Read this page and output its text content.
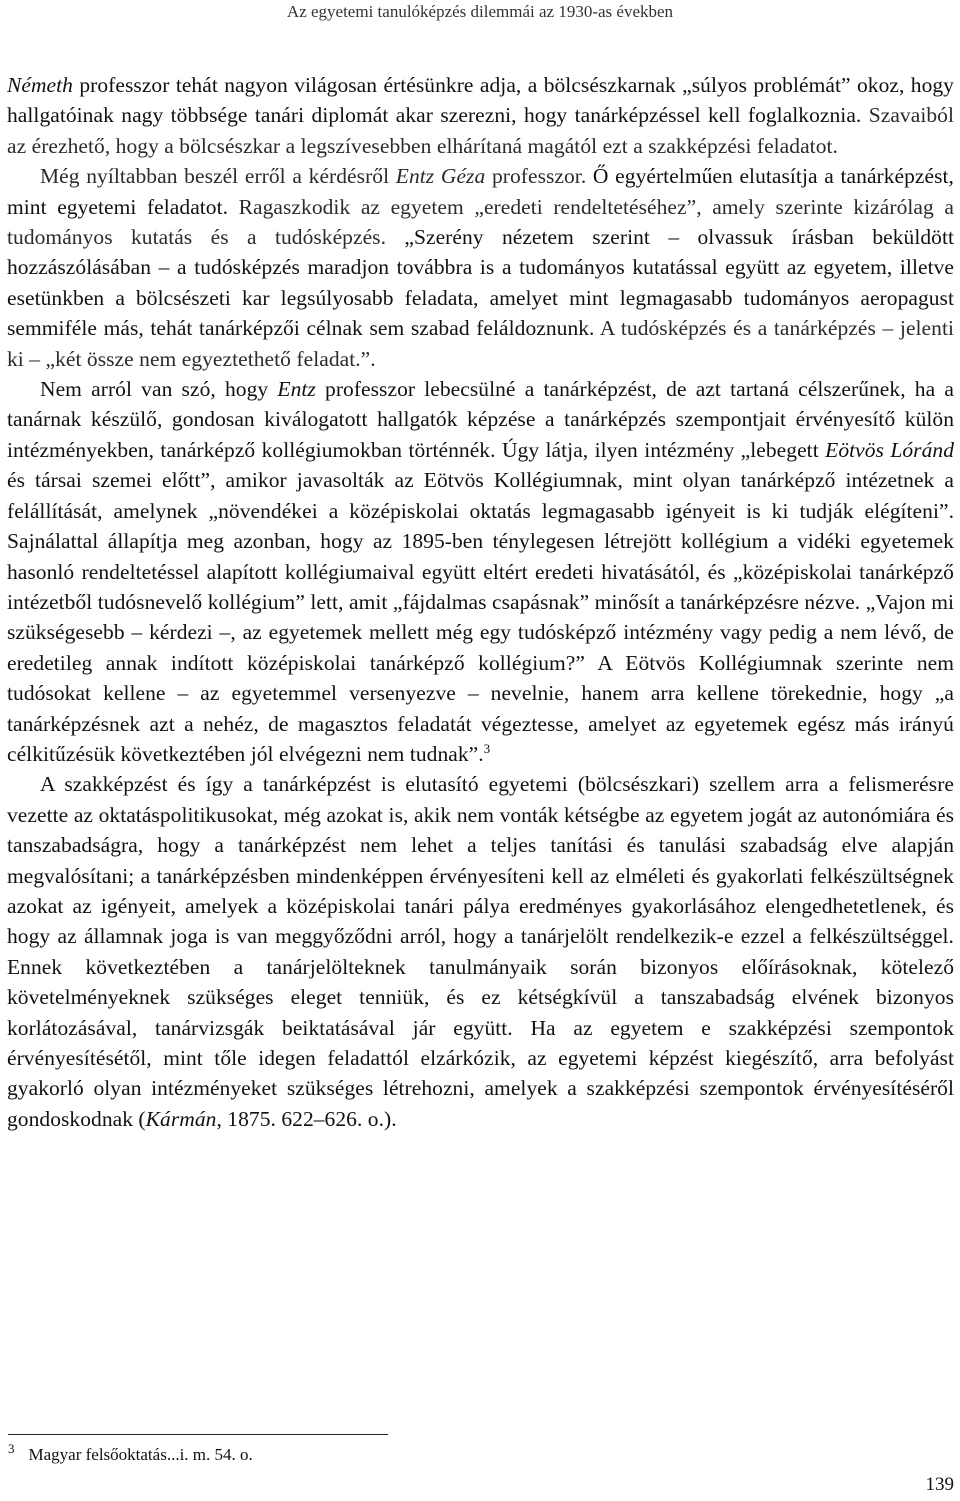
Az egyetemi tanulóképzés dilemmái az 1930-as években

Németh professzor tehát nagyon világosan értésünkre adja, a bölcsészkarnak „súlyos problémát” okoz, hogy hallgatóinak nagy többsége tanári diplomát akar szerezni, hogy tanárképzéssel kell foglalkoznia. Szavaiból az érezhető, hogy a bölcsészkar a legszívesebben elhárítaná magától ezt a szakképzési feladatot.

Még nyíltabban beszél erről a kérdésről Entz Géza professzor. Ő egyértelműen elutasítja a tanárképzést, mint egyetemi feladatot. Ragaszkodik az egyetem „eredeti rendeltetéséhez”, amely szerinte kizárólag a tudományos kutatás és a tudósképzés. „Szerény nézetem szerint – olvassuk írásban beküldött hozzászólásában – a tudósképzés maradjon továbbra is a tudományos kutatással együtt az egyetem, illetve esetünkben a bölcsészeti kar legsúlyosabb feladata, amelyet mint legmagasabb tudományos aeropagust semmiféle más, tehát tanárképzői célnak sem szabad feláldoznunk. A tudósképzés és a tanárképzés – jelenti ki – „két össze nem egyeztethető feladat.”.

Nem arról van szó, hogy Entz professzor lebecsülné a tanárképzést, de azt tartaná célszerűnek, ha a tanárnak készülő, gondosan kiválogatott hallgatók képzése a tanárképzés szempontjait érvényesítő külön intézményekben, tanárképző kollégiumokban történnék. Úgy látja, ilyen intézmény „lebegett Eötvös Lóránd és társai szemei előtt”, amikor javasolták az Eötvös Kollégiumnak, mint olyan tanárképző intézetnek a felállítását, amelynek „növendékei a középiskolai oktatás legmagasabb igényeit is ki tudják elégíteni”. Sajnálattal állapítja meg azonban, hogy az 1895-ben ténylegesen létrejött kollégium a vidéki egyetemek hasonló rendeltetéssel alapított kollégiumaival együtt eltért eredeti hivatásától, és „középiskolai tanárképző intézetből tudósnevelő kollégium” lett, amit „fájdalmas csapásnak” minősít a tanárképzésre nézve. „Vajon mi szükségesebb – kérdezi –, az egyetemek mellett még egy tudósképző intézmény vagy pedig a nem lévő, de eredetileg annak indított középiskolai tanárképző kollégium?” A Eötvös Kollégiumnak szerinte nem tudósokat kellene – az egyetemmel versenyezve – nevelnie, hanem arra kellene törekednie, hogy „a tanárképzésnek azt a nehéz, de magasztos feladatát végeztesse, amelyet az egyetemek egész más irányú célkitűzésük következtében jól elvégezni nem tudnak”.$^3$

A szakképzést és így a tanárképzést is elutasító egyetemi (bölcsészkari) szellem arra a felismerésre vezette az oktatáspolitikusokat, még azokat is, akik nem vonták kétségbe az egyetem jogát az autonómiára és tanszabadságra, hogy a tanárképzést nem lehet a teljes tanítási és tanulási szabadság elve alapján megvalósítani; a tanárképzésben mindenképpen érvényesíteni kell az elméleti és gyakorlati felkészültségnek azokat az igényeit, amelyek a középiskolai tanári pálya eredményes gyakorlásához elengedhetetlenek, és hogy az államnak joga is van meggyőződni arról, hogy a tanárjelölt rendelkezik-e ezzel a felkészültséggel. Ennek következtében a tanárjelölteknek tanulmányaik során bizonyos előírásoknak, kötelező követelményeknek szükséges eleget tenniük, és ez kétségkívül a tanszabadság elvének bizonyos korlátozásával, tanárvizsgák beiktatásával jár együtt. Ha az egyetem e szakképzési szempontok érvényesítésétől, mint tőle idegen feladattól elzárkózik, az egyetemi képzést kiegészítő, arra befolyást gyakorló olyan intézményeket szükséges létrehozni, amelyek a szakképzési szempontok érvényesítéséről gondoskodnak (Kármán, 1875. 622–626. o.).

$^3$ Magyar felsőoktatás...i. m. 54. o.
139
